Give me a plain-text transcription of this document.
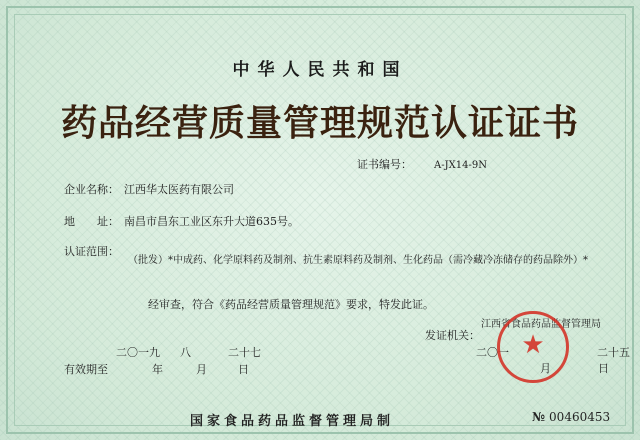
中华人民共和国
药品经营质量管理规范认证证书
证书编号： A-JX14-9N
企业名称： 江西华太医药有限公司
地　　址： 南昌市昌东工业区东升大道635号。
认证范围：
（批发）*中成药、化学原料药及制剂、抗生素原料药及制剂、生化药品（需冷藏冷冻储存的药品除外）*
经审查，符合《药品经营质量管理规范》要求，特发此证。
江西省食品药品监督管理局
发证机关：
二〇一	二十五
月	日
二〇一九 八	二十七
有效期至	年	月	日
★
国家食品药品监督管理局制	№ 00460453
